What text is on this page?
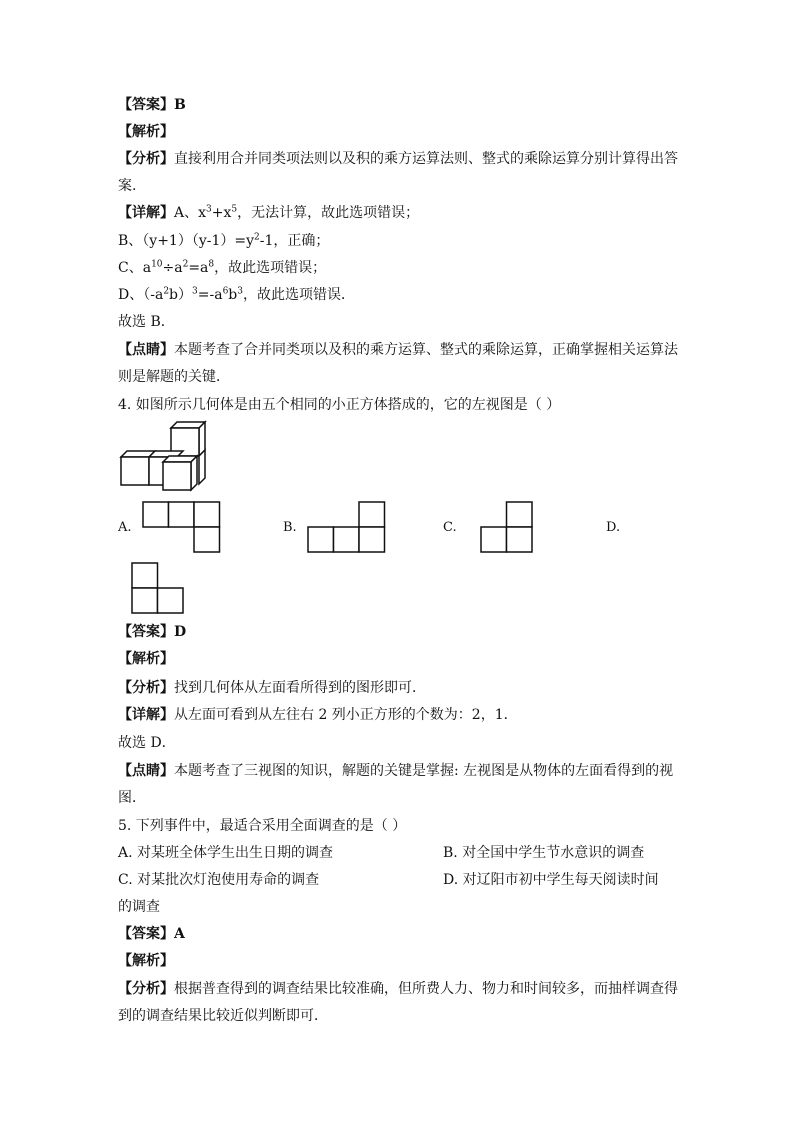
【答案】B
【解析】
【分析】直接利用合并同类项法则以及积的乘方运算法则、整式的乘除运算分别计算得出答
案.
【详解】A、$x^3+x^5$，无法计算，故此选项错误；
B、$(y+1)(y-1)=y^2-1$，正确；
C、$a^{10}\div a^2=a^8$，故此选项错误；
D、$(-a^2b)^3=-a^6b^3$，故此选项错误．
故选 B．
【点睛】本题考查了合并同类项以及积的乘方运算、整式的乘除运算，正确掌握相关运算法
则是解题的关键．
4. 如图所示几何体是由五个相同的小正方体搭成的，它的左视图是（ ）
A.	B.	C.	D.
【答案】D
【解析】
【分析】找到几何体从左面看所得到的图形即可．
【详解】从左面可看到从左往右 2 列小正方形的个数为：2，1．
故选 D．
【点睛】本题考查了三视图的知识，解题的关键是掌握: 左视图是从物体的左面看得到的视
图．
5. 下列事件中，最适合采用全面调查的是（ ）
A. 对某班全体学生出生日期的调查	B. 对全国中学生节水意识的调查
C. 对某批次灯泡使用寿命的调查	D. 对辽阳市初中学生每天阅读时间
的调查
【答案】A
【解析】
【分析】根据普查得到的调查结果比较准确，但所费人力、物力和时间较多，而抽样调查得
到的调查结果比较近似判断即可．
